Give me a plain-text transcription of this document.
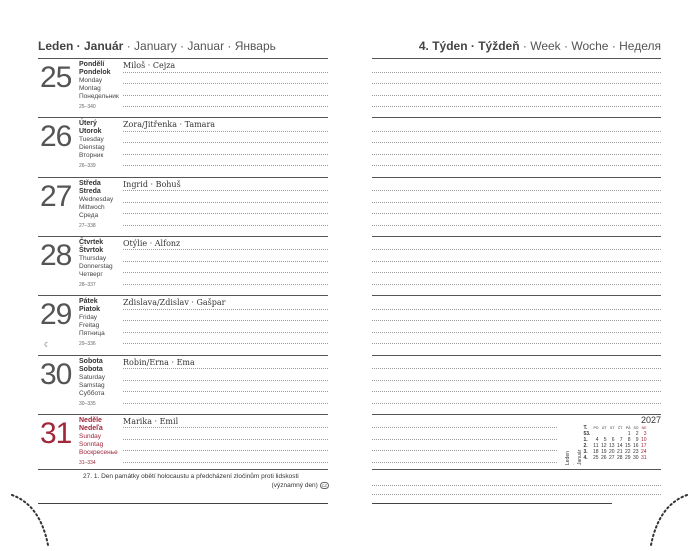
Leden · Január · January · Januar · Январь	4. Týden · Týždeň · Week · Woche · Неделя
25 Pondělí
Pondelok
Monday
Montag
Понедельник
25–340
Miloš · Cejza
26 Úterý
Utorok
Tuesday
Dienstag
Вторник
26–339
Zora/Jitřenka · Tamara
27 Středa
Streda
Wednesday
Mittwoch
Среда
27–338
Ingrid · Bohuš
28 Čtvrtek
Štvrtok
Thursday
Donnerstag
Четверг
28–337
Otýlie · Alfonz
29 Pátek
Piatok
Friday
Freitag
Пятница
29–336
Zdislava/Zdislav · Gašpar
30 Sobota
Sobota
Saturday
Samstag
Суббота
30–335
Robin/Erna · Ema
31 Neděle
Nedeľa
Sunday
Sonntag
Воскресенье
31–334
Marika · Emil
☾
27. 1. Den památky obětí holocaustu a předcházení zločinům proti lidskosti
(významný den) CZ
2027
Leden · Január
T.	PO	ÚT	ST	ČT	PÁ	SO	NE
53.					1	2	3
1.	4	5	6	7	8	9	10
2.	11	12	13	14	15	16	17
3.	18	19	20	21	22	23	24
4.	25	26	27	28	29	30	31
